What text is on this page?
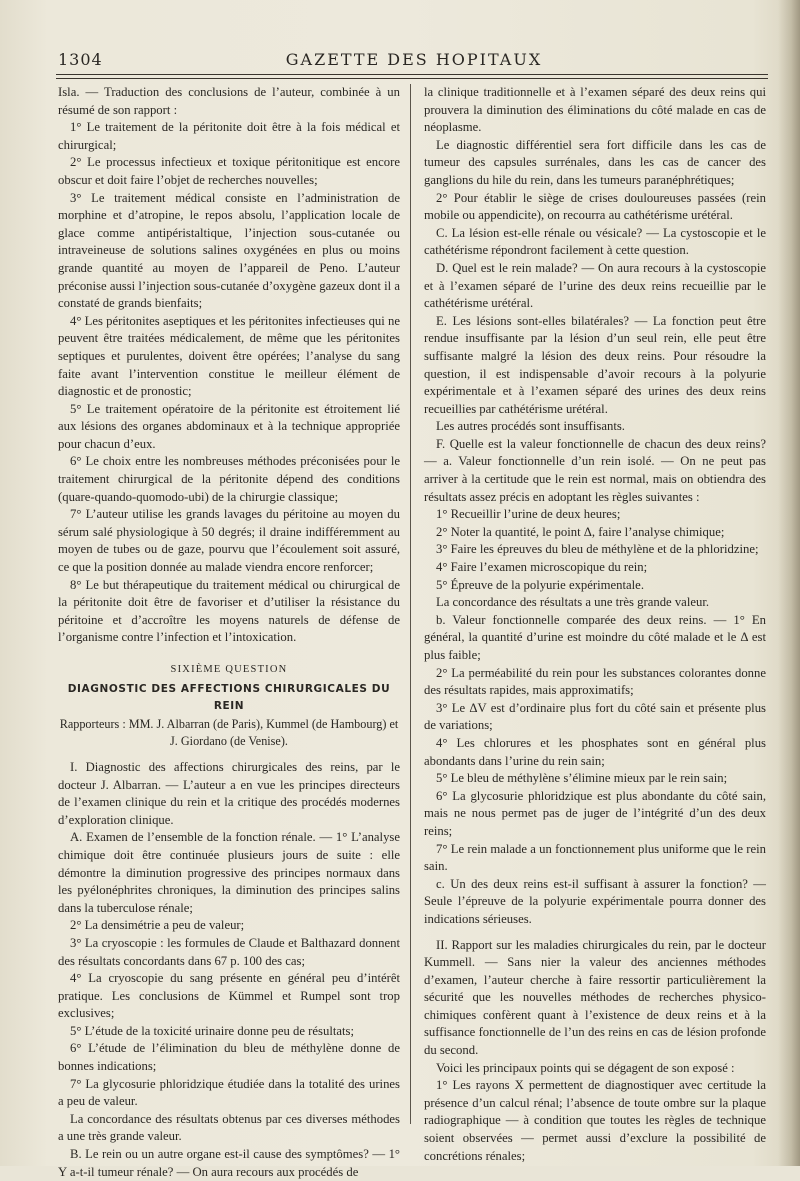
1304	GAZETTE DES HOPITAUX

Isla. — Traduction des conclusions de l’auteur, combinée à un résumé de son rapport :

1° Le traitement de la péritonite doit être à la fois médical et chirurgical;

2° Le processus infectieux et toxique péritonitique est encore obscur et doit faire l’objet de recherches nouvelles;

3° Le traitement médical consiste en l’administration de morphine et d’atropine, le repos absolu, l’application locale de glace comme antipéristaltique, l’injection sous-cutanée ou intraveineuse de solutions salines oxygénées en plus ou moins grande quantité au moyen de l’appareil de Peno. L’auteur préconise aussi l’injection sous-cutanée d’oxygène gazeux dont il a constaté de grands bienfaits;

4° Les péritonites aseptiques et les péritonites infectieuses qui ne peuvent être traitées médicalement, de même que les péritonites septiques et purulentes, doivent être opérées; l’analyse du sang faite avant l’intervention constitue le meilleur élément de diagnostic et de pronostic;

5° Le traitement opératoire de la péritonite est étroitement lié aux lésions des organes abdominaux et à la technique appropriée pour chacun d’eux.

6° Le choix entre les nombreuses méthodes préconisées pour le traitement chirurgical de la péritonite dépend des conditions (quare-quando-quomodo-ubi) de la chirurgie classique;

7° L’auteur utilise les grands lavages du péritoine au moyen du sérum salé physiologique à 50 degrés; il draine indifféremment au moyen de tubes ou de gaze, pourvu que l’écoulement soit assuré, ce que la position donnée au malade viendra encore renforcer;

8° Le but thérapeutique du traitement médical ou chirurgical de la péritonite doit être de favoriser et d’utiliser la résistance du péritoine et d’accroître les moyens naturels de défense de l’organisme contre l’infection et l’intoxication.

SIXIÈME QUESTION

DIAGNOSTIC DES AFFECTIONS CHIRURGICALES DU REIN

Rapporteurs : MM. J. Albarran (de Paris), Kummel (de Hambourg) et J. Giordano (de Venise).

I. Diagnostic des affections chirurgicales des reins, par le docteur J. Albarran. — L’auteur a en vue les principes directeurs de l’examen clinique du rein et la critique des procédés modernes d’exploration clinique.

A. Examen de l’ensemble de la fonction rénale. — 1° L’analyse chimique doit être continuée plusieurs jours de suite : elle démontre la diminution progressive des principes normaux dans les pyélonéphrites chroniques, la diminution des principes salins dans la tuberculose rénale;

2° La densimétrie a peu de valeur;

3° La cryoscopie : les formules de Claude et Balthazard donnent des résultats concordants dans 67 p. 100 des cas;

4° La cryoscopie du sang présente en général peu d’intérêt pratique. Les conclusions de Kümmel et Rumpel sont trop exclusives;

5° L’étude de la toxicité urinaire donne peu de résultats;

6° L’étude de l’élimination du bleu de méthylène donne de bonnes indications;

7° La glycosurie phloridzique étudiée dans la totalité des urines a peu de valeur.

La concordance des résultats obtenus par ces diverses méthodes a une très grande valeur.

B. Le rein ou un autre organe est-il cause des symptômes? — 1° Y a-t-il tumeur rénale? — On aura recours aux procédés de

la clinique traditionnelle et à l’examen séparé des deux reins qui prouvera la diminution des éliminations du côté malade en cas de néoplasme.

Le diagnostic différentiel sera fort difficile dans les cas de tumeur des capsules surrénales, dans les cas de cancer des ganglions du hile du rein, dans les tumeurs paranéphrétiques;

2° Pour établir le siège de crises douloureuses passées (rein mobile ou appendicite), on recourra au cathétérisme urétéral.

C. La lésion est-elle rénale ou vésicale? — La cystoscopie et le cathétérisme répondront facilement à cette question.

D. Quel est le rein malade? — On aura recours à la cystoscopie et à l’examen séparé de l’urine des deux reins recueillie par le cathétérisme urétéral.

E. Les lésions sont-elles bilatérales? — La fonction peut être rendue insuffisante par la lésion d’un seul rein, elle peut être suffisante malgré la lésion des deux reins. Pour résoudre la question, il est indispensable d’avoir recours à la polyurie expérimentale et à l’examen séparé des urines des deux reins recueillies par cathétérisme urétéral.

Les autres procédés sont insuffisants.

F. Quelle est la valeur fonctionnelle de chacun des deux reins? — a. Valeur fonctionnelle d’un rein isolé. — On ne peut pas arriver à la certitude que le rein est normal, mais on obtiendra des résultats assez précis en adoptant les règles suivantes :

1° Recueillir l’urine de deux heures;

2° Noter la quantité, le point Δ, faire l’analyse chimique;

3° Faire les épreuves du bleu de méthylène et de la phloridzine;

4° Faire l’examen microscopique du rein;

5° Épreuve de la polyurie expérimentale.

La concordance des résultats a une très grande valeur.

b. Valeur fonctionnelle comparée des deux reins. — 1° En général, la quantité d’urine est moindre du côté malade et le Δ est plus faible;

2° La perméabilité du rein pour les substances colorantes donne des résultats rapides, mais approximatifs;

3° Le ΔV est d’ordinaire plus fort du côté sain et présente plus de variations;

4° Les chlorures et les phosphates sont en général plus abondants dans l’urine du rein sain;

5° Le bleu de méthylène s’élimine mieux par le rein sain;

6° La glycosurie phloridzique est plus abondante du côté sain, mais ne nous permet pas de juger de l’intégrité d’un des deux reins;

7° Le rein malade a un fonctionnement plus uniforme que le rein sain.

c. Un des deux reins est-il suffisant à assurer la fonction? — Seule l’épreuve de la polyurie expérimentale pourra donner des indications sérieuses.

II. Rapport sur les maladies chirurgicales du rein, par le docteur Kummell. — Sans nier la valeur des anciennes méthodes d’examen, l’auteur cherche à faire ressortir particulièrement la sécurité que les nouvelles méthodes de recherches physico-chimiques confèrent quant à l’existence de deux reins et à la suffisance fonctionnelle de l’un des reins en cas de lésion profonde du second.

Voici les principaux points qui se dégagent de son exposé :

1° Les rayons X permettent de diagnostiquer avec certitude la présence d’un calcul rénal; l’absence de toute ombre sur la plaque radiographique — à condition que toutes les règles de technique soient observées — permet aussi d’exclure la possibilité de concrétions rénales;
